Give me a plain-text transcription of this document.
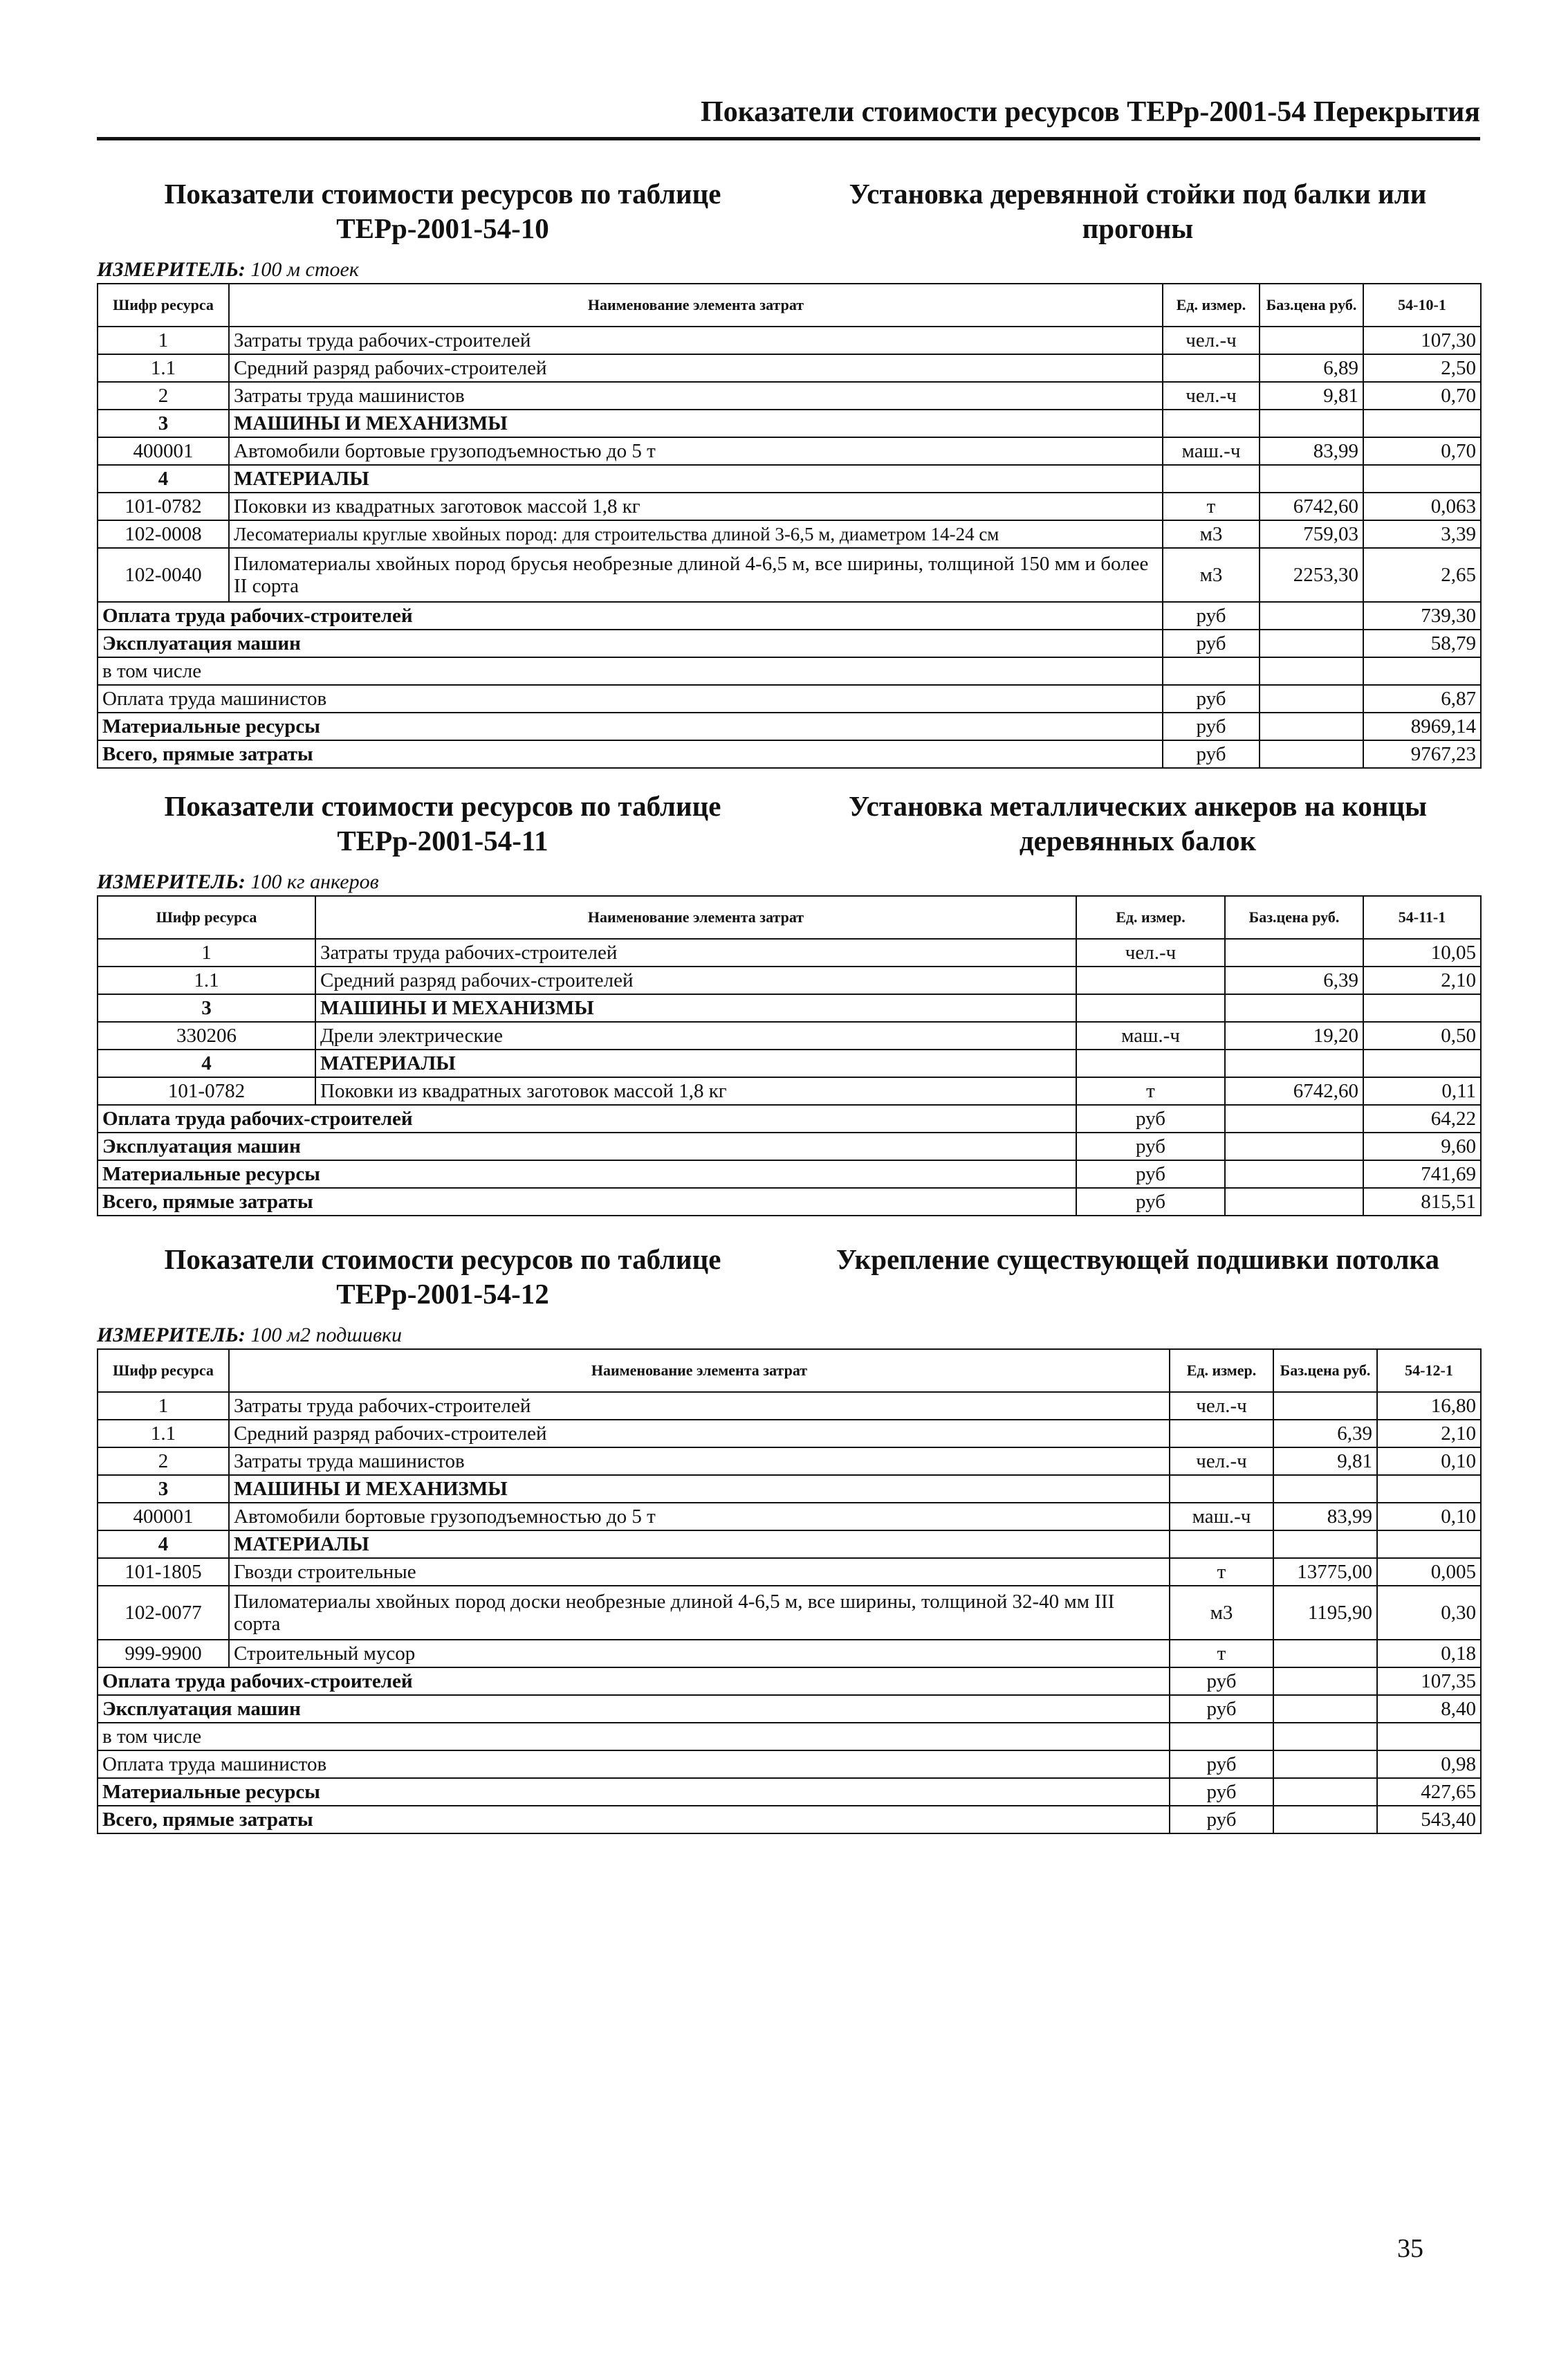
Показатели стоимости ресурсов ТЕРр-2001-54 Перекрытия
Показатели стоимости ресурсов по таблице
ТЕРр-2001-54-10
Установка деревянной стойки под балки или
прогоны
ИЗМЕРИТЕЛЬ: 100 м стоек
Шифр ресурса	Наименование элемента затрат	Ед. измер.	Баз.цена руб.	54-10-1
1	Затраты труда рабочих-строителей	чел.-ч		107,30
1.1	Средний разряд рабочих-строителей		6,89	2,50
2	Затраты труда машинистов	чел.-ч	9,81	0,70
3	МАШИНЫ И МЕХАНИЗМЫ			
400001	Автомобили бортовые грузоподъемностью до 5 т	маш.-ч	83,99	0,70
4	МАТЕРИАЛЫ			
101-0782	Поковки из квадратных заготовок массой 1,8 кг	т	6742,60	0,063
102-0008	Лесоматериалы круглые хвойных пород: для строительства длиной 3-6,5 м, диаметром 14-24 см	м3	759,03	3,39
102-0040	Пиломатериалы хвойных пород брусья необрезные длиной 4-6,5 м, все ширины, толщиной 150 мм и более II сорта	м3	2253,30	2,65
Оплата труда рабочих-строителей		руб		739,30
Эксплуатация машин		руб		58,79
в том числе				
Оплата труда машинистов		руб		6,87
Материальные ресурсы		руб		8969,14
Всего, прямые затраты		руб		9767,23
Показатели стоимости ресурсов по таблице
ТЕРр-2001-54-11
Установка металлических анкеров на концы
деревянных балок
ИЗМЕРИТЕЛЬ: 100 кг анкеров
Шифр ресурса	Наименование элемента затрат	Ед. измер.	Баз.цена руб.	54-11-1
1	Затраты труда рабочих-строителей	чел.-ч		10,05
1.1	Средний разряд рабочих-строителей		6,39	2,10
3	МАШИНЫ И МЕХАНИЗМЫ			
330206	Дрели электрические	маш.-ч	19,20	0,50
4	МАТЕРИАЛЫ			
101-0782	Поковки из квадратных заготовок массой 1,8 кг	т	6742,60	0,11
Оплата труда рабочих-строителей		руб		64,22
Эксплуатация машин		руб		9,60
Материальные ресурсы		руб		741,69
Всего, прямые затраты		руб		815,51
Показатели стоимости ресурсов по таблице
ТЕРр-2001-54-12
Укрепление существующей подшивки потолка
ИЗМЕРИТЕЛЬ: 100 м2 подшивки
Шифр ресурса	Наименование элемента затрат	Ед. измер.	Баз.цена руб.	54-12-1
1	Затраты труда рабочих-строителей	чел.-ч		16,80
1.1	Средний разряд рабочих-строителей		6,39	2,10
2	Затраты труда машинистов	чел.-ч	9,81	0,10
3	МАШИНЫ И МЕХАНИЗМЫ			
400001	Автомобили бортовые грузоподъемностью до 5 т	маш.-ч	83,99	0,10
4	МАТЕРИАЛЫ			
101-1805	Гвозди строительные	т	13775,00	0,005
102-0077	Пиломатериалы хвойных пород доски необрезные длиной 4-6,5 м, все ширины, толщиной 32-40 мм III сорта	м3	1195,90	0,30
999-9900	Строительный мусор	т		0,18
Оплата труда рабочих-строителей		руб		107,35
Эксплуатация машин		руб		8,40
в том числе				
Оплата труда машинистов		руб		0,98
Материальные ресурсы		руб		427,65
Всего, прямые затраты		руб		543,40
35
